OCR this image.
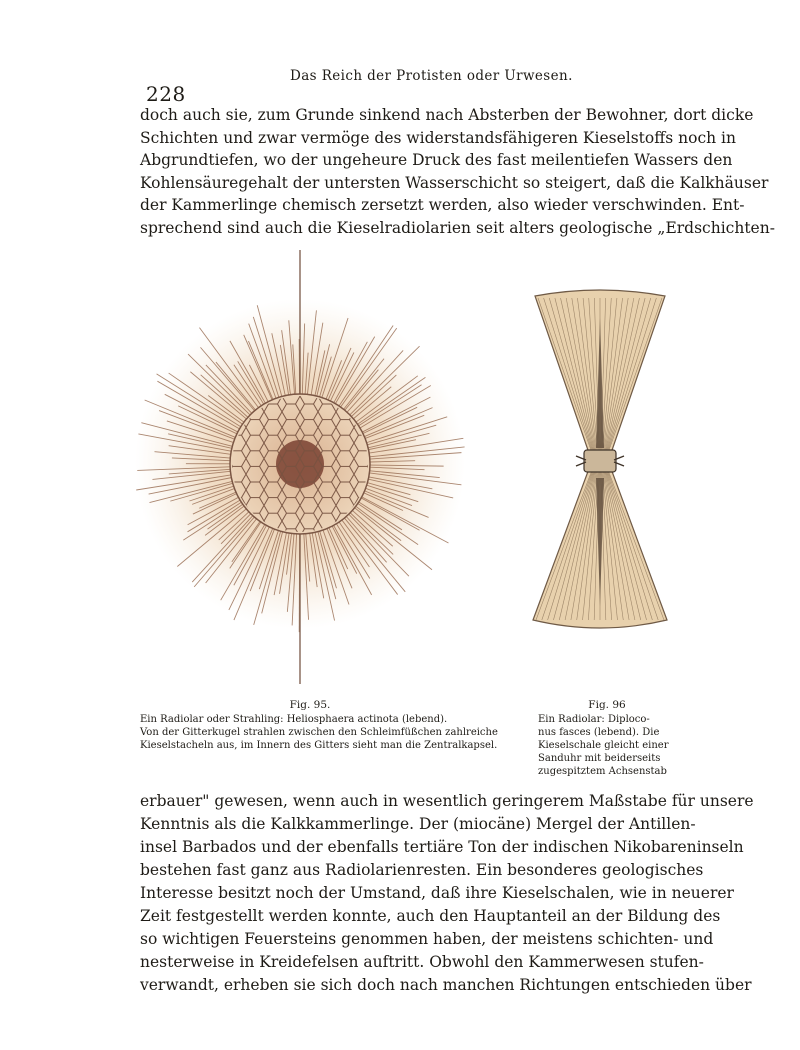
228
Das Reich der Protisten oder Urwesen.
doch auch sie, zum Grunde sinkend nach Absterben der Bewohner, dort dicke
Schichten und zwar vermöge des widerstandsfähigeren Kieselstoffs noch in
Abgrundtiefen, wo der ungeheure Druck des fast meilentiefen Wassers den
Kohlensäuregehalt der untersten Wasserschicht so steigert, daß die Kalkhäuser
der Kammerlinge chemisch zersetzt werden, also wieder verschwinden. Ent-
sprechend sind auch die Kieselradiolarien seit alters geologische „Erdschichten-
Fig. 95.
Ein Radiolar oder Strahling: Heliosphaera actinota (lebend).
Von der Gitterkugel strahlen zwischen den Schleimfüßchen zahlreiche
Kieselstacheln aus, im Innern des Gitters sieht man die Zentralkapsel.
Fig. 96
Ein Radiolar: Diploco-
nus fasces (lebend). Die
Kieselschale gleicht einer
Sanduhr mit beiderseits
zugespitztem Achsenstab
erbauer" gewesen, wenn auch in wesentlich geringerem Maßstabe für unsere
Kenntnis als die Kalkkammerlinge. Der (miocäne) Mergel der Antillen-
insel Barbados und der ebenfalls tertiäre Ton der indischen Nikobareninseln
bestehen fast ganz aus Radiolarienresten. Ein besonderes geologisches
Interesse besitzt noch der Umstand, daß ihre Kieselschalen, wie in neuerer
Zeit festgestellt werden konnte, auch den Hauptanteil an der Bildung des
so wichtigen Feuersteins genommen haben, der meistens schichten- und
nesterweise in Kreidefelsen auftritt. Obwohl den Kammerwesen stufen-
verwandt, erheben sie sich doch nach manchen Richtungen entschieden über
